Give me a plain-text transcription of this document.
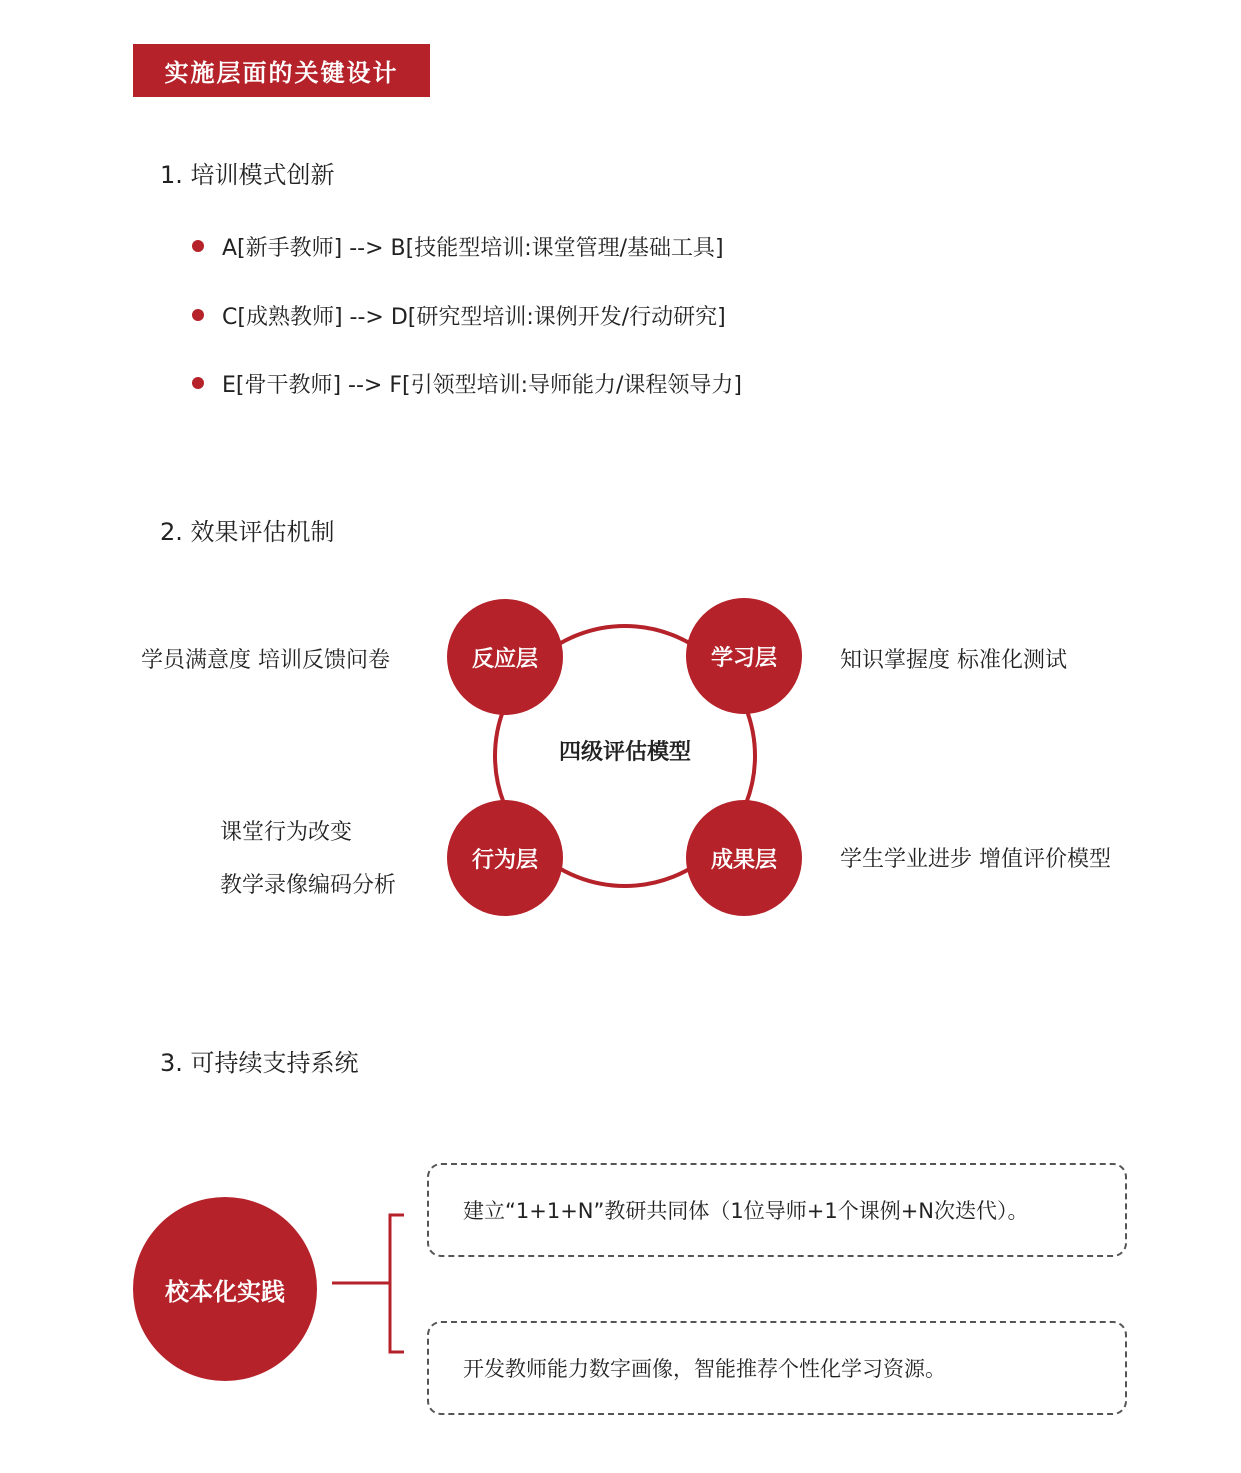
实施层面的关键设计
1. 培训模式创新
A[新手教师] --> B[技能型培训:课堂管理/基础工具]
C[成熟教师] --> D[研究型培训:课例开发/行动研究]
E[骨干教师] --> F[引领型培训:导师能力/课程领导力]
2. 效果评估机制
反应层	学习层
行为层	成果层
四级评估模型
学员满意度 培训反馈问卷	知识掌握度 标准化测试
课堂行为改变
教学录像编码分析
学生学业进步 增值评价模型
3. 可持续支持系统
校本化实践
建立“1+1+N”教研共同体（1位导师+1个课例+N次迭代）。
开发教师能力数字画像，智能推荐个性化学习资源。
